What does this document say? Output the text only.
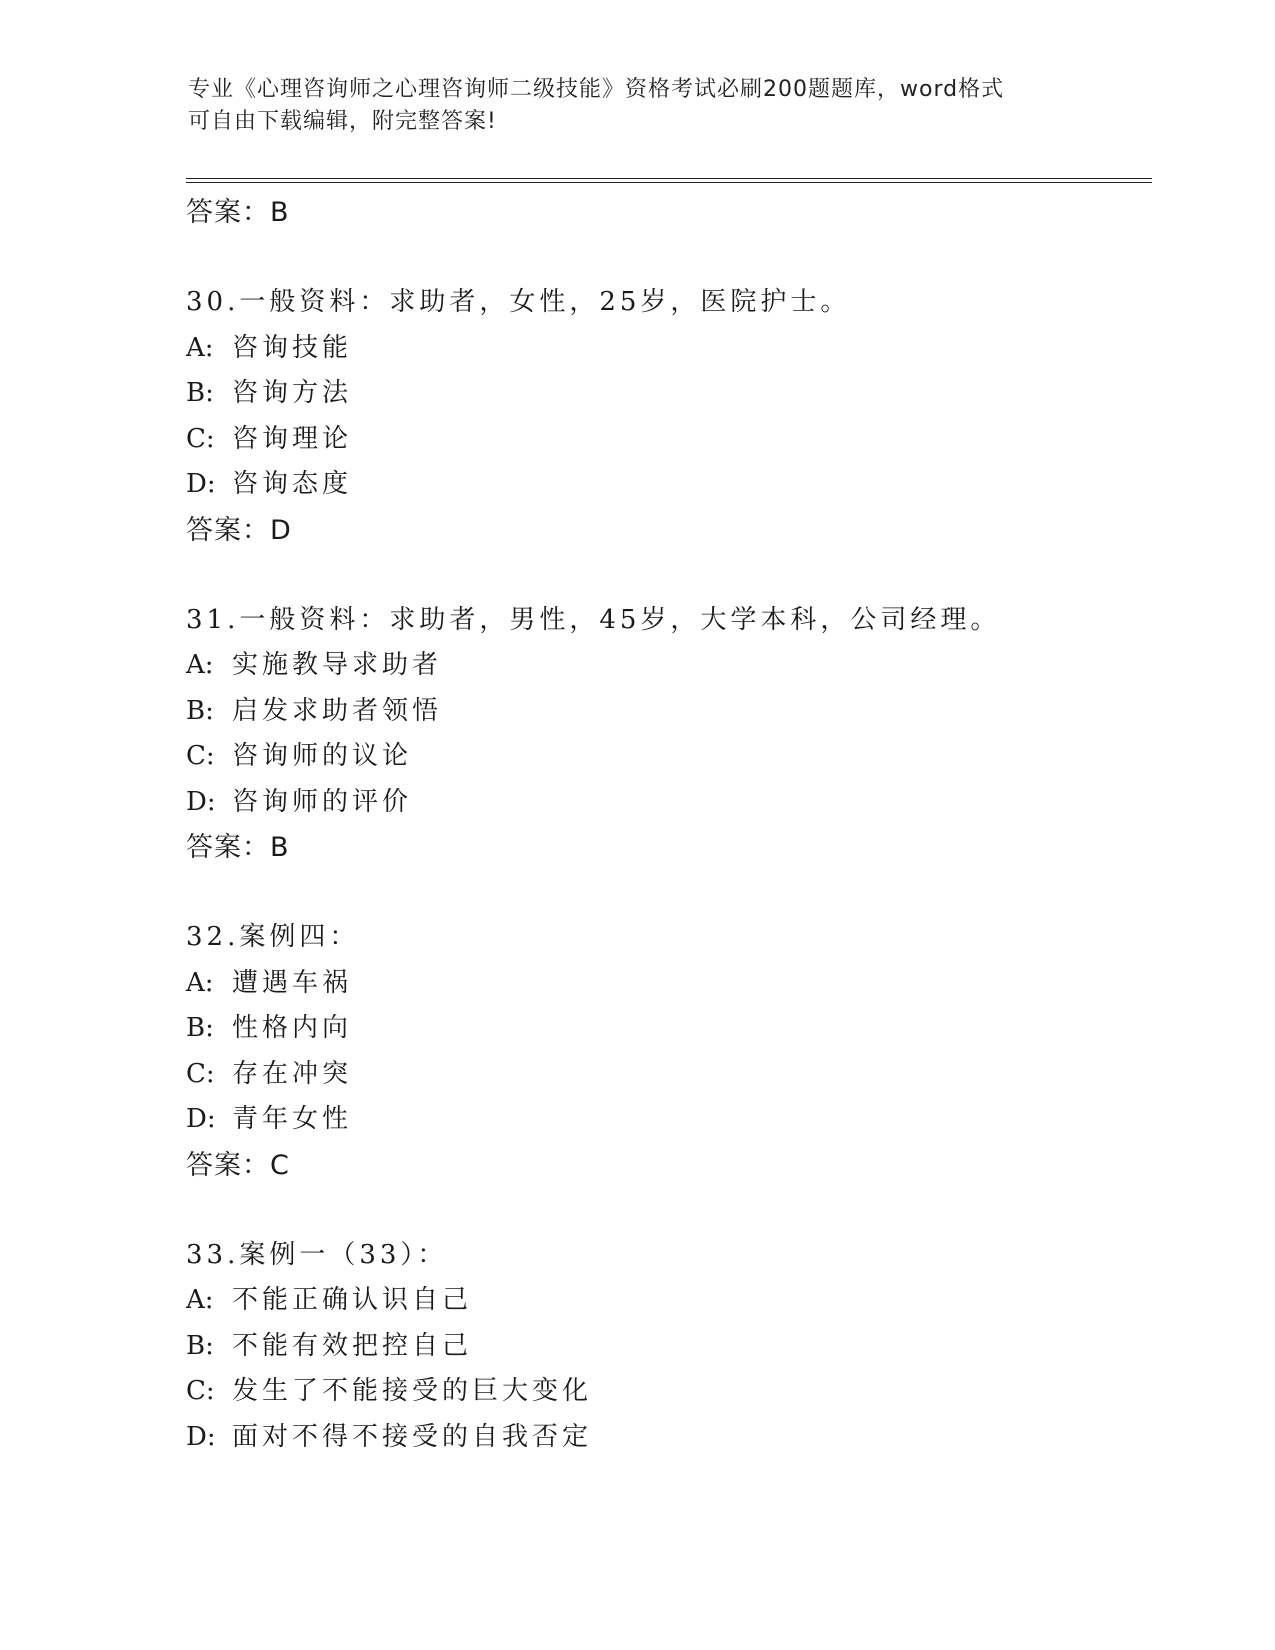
专业《心理咨询师之心理咨询师二级技能》资格考试必刷200题题库，word格式
可自由下载编辑，附完整答案!
答案：B
30.一般资料：求助者，女性，25岁，医院护士。
A: 咨询技能
B: 咨询方法
C: 咨询理论
D: 咨询态度
答案：D
31.一般资料：求助者，男性，45岁，大学本科，公司经理。
A: 实施教导求助者
B: 启发求助者领悟
C: 咨询师的议论
D: 咨询师的评价
答案：B
32.案例四：
A: 遭遇车祸
B: 性格内向
C: 存在冲突
D: 青年女性
答案：C
33.案例一（33）：
A: 不能正确认识自己
B: 不能有效把控自己
C: 发生了不能接受的巨大变化
D: 面对不得不接受的自我否定
